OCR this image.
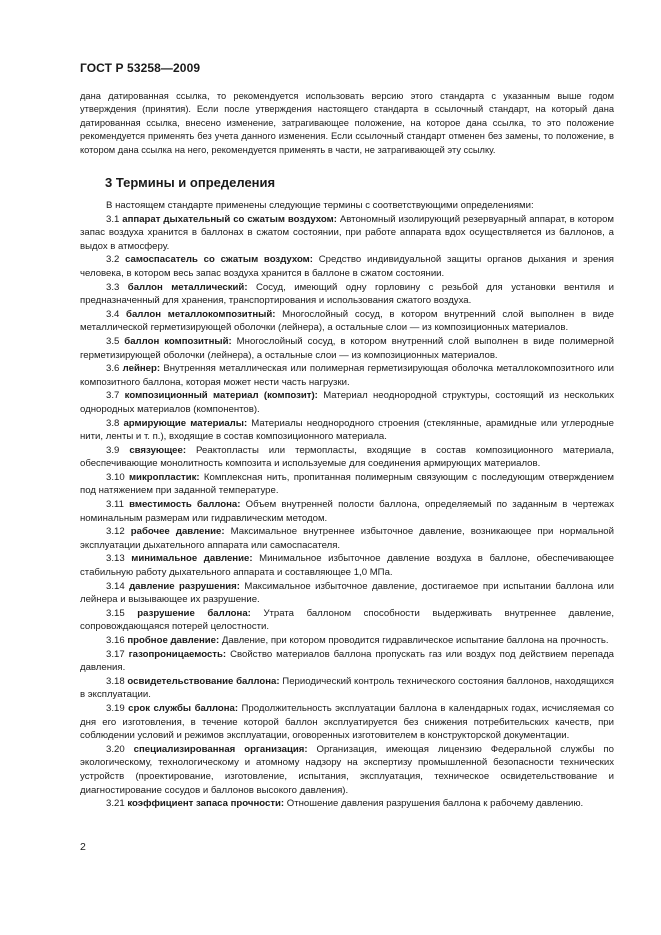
ГОСТ Р 53258—2009
дана датированная ссылка, то рекомендуется использовать версию этого стандарта с указанным выше годом утверждения (принятия). Если после утверждения настоящего стандарта в ссылочный стандарт, на который дана датированная ссылка, внесено изменение, затрагивающее положение, на которое дана ссылка, то это положение рекомендуется применять без учета данного изменения. Если ссылочный стандарт отменен без замены, то положение, в котором дана ссылка на него, рекомендуется применять в части, не затрагивающей эту ссылку.
3 Термины и определения

В настоящем стандарте применены следующие термины с соответствующими определениями:

3.1 аппарат дыхательный со сжатым воздухом: Автономный изолирующий резервуарный аппарат, в котором запас воздуха хранится в баллонах в сжатом состоянии, при работе аппарата вдох осуществляется из баллонов, а выдох в атмосферу.

3.2 самоспасатель со сжатым воздухом: Средство индивидуальной защиты органов дыхания и зрения человека, в котором весь запас воздуха хранится в баллоне в сжатом состоянии.

3.3 баллон металлический: Сосуд, имеющий одну горловину с резьбой для установки вентиля и предназначенный для хранения, транспортирования и использования сжатого воздуха.

3.4 баллон металлокомпозитный: Многослойный сосуд, в котором внутренний слой выполнен в виде металлической герметизирующей оболочки (лейнера), а остальные слои — из композиционных материалов.

3.5 баллон композитный: Многослойный сосуд, в котором внутренний слой выполнен в виде полимерной герметизирующей оболочки (лейнера), а остальные слои — из композиционных материалов.

3.6 лейнер: Внутренняя металлическая или полимерная герметизирующая оболочка металлокомпозитного или композитного баллона, которая может нести часть нагрузки.

3.7 композиционный материал (композит): Материал неоднородной структуры, состоящий из нескольких однородных материалов (компонентов).

3.8 армирующие материалы: Материалы неоднородного строения (стеклянные, арамидные или углеродные нити, ленты и т. п.), входящие в состав композиционного материала.

3.9 связующее: Реактопласты или термопласты, входящие в состав композиционного материала, обеспечивающие монолитность композита и используемые для соединения армирующих материалов.

3.10 микропластик: Комплексная нить, пропитанная полимерным связующим с последующим отверждением под натяжением при заданной температуре.

3.11 вместимость баллона: Объем внутренней полости баллона, определяемый по заданным в чертежах номинальным размерам или гидравлическим методом.

3.12 рабочее давление: Максимальное внутреннее избыточное давление, возникающее при нормальной эксплуатации дыхательного аппарата или самоспасателя.

3.13 минимальное давление: Минимальное избыточное давление воздуха в баллоне, обеспечивающее стабильную работу дыхательного аппарата и составляющее 1,0 МПа.

3.14 давление разрушения: Максимальное избыточное давление, достигаемое при испытании баллона или лейнера и вызывающее их разрушение.

3.15 разрушение баллона: Утрата баллоном способности выдерживать внутреннее давление, сопровождающаяся потерей целостности.

3.16 пробное давление: Давление, при котором проводится гидравлическое испытание баллона на прочность.

3.17 газопроницаемость: Свойство материалов баллона пропускать газ или воздух под действием перепада давления.

3.18 освидетельствование баллона: Периодический контроль технического состояния баллонов, находящихся в эксплуатации.

3.19 срок службы баллона: Продолжительность эксплуатации баллона в календарных годах, исчисляемая со дня его изготовления, в течение которой баллон эксплуатируется без снижения потребительских качеств, при соблюдении условий и режимов эксплуатации, оговоренных изготовителем в конструкторской документации.

3.20 специализированная организация: Организация, имеющая лицензию Федеральной службы по экологическому, технологическому и атомному надзору на экспертизу промышленной безопасности технических устройств (проектирование, изготовление, испытания, эксплуатация, техническое освидетельствование и диагностирование сосудов и баллонов высокого давления).

3.21 коэффициент запаса прочности: Отношение давления разрушения баллона к рабочему давлению.

2
